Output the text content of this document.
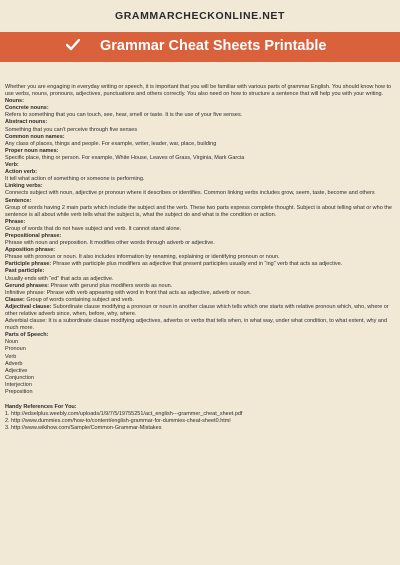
GRAMMARCHECKONLINE.NET
Grammar Cheat Sheets Printable

Whether you are engaging in everyday writing or speech, it is important that you will be familiar with various parts of grammar English. You should know how to use verbs, nouns, pronouns, adjectives, punctuations and others correctly. You also need on how to structure a sentence that will help you with your writing.

Nouns:

Concrete nouns:

Refers to something that you can touch, see, hear, smell or taste. It is the use of your five senses.

Abstract nouns:

Something that you can’t perceive through five senses

Common noun names:

Any class of places, things and people. For example, writer, leader, war, place, building

Proper noun names:

Specific place, thing or person. For example, White House, Leaves of Grass, Virginia, Mark Garcia

Verb:

Action verb:

It tell what action of something or someone is performing.

Linking verbs:

Connects subject with noun, adjective pr pronoun where it describes or identifies. Common linking verbs includes grow, seem, taste, become and others

Sentence:

Group of words having 2 main parts which include the subject and the verb. These two parts express complete thought. Subject is about telling what or who the sentence is all about while verb tells what the subject is, what the subject do and what is the condition or action.

Phrase:

Group of words that do not have subject and verb. It cannot stand alone.

Prepositional phrase:

Phrase with noun and preposition. It modifies other words through adverb or adjective.

Apposition phrase:

Phrase with pronoun or noun. It also includes information by renaming, explaining or identifying pronoun or noun.

Participle phrase: Phrase with participle plus modifiers as adjective that present participles usually end in “ing” verb that acts as adjective.

Past participle:

Usually ends with “ed” that acts as adjective.

Gerund phrases: Phrase with gerund plus modifiers words as noun.

Infinitive phrase: Phrase with verb appearing with word in front that acts as adjective, adverb or noun.

Clause: Group of words containing subject and verb.

Adjectival clause: Subordinate clause modifying a pronoun or noun in another clause which tells which one starts with relative pronoun which, who, where or other relative adverb since, when, before, why, where.

Adverbial clause: It is a subordinate clause modifying adjectives, adverbs or verbs that tells when, in what way, under what condition, to what extent, why and much more.

Parts of Speech:

Noun

Pronoun

Verb

Adverb

Adjective

Conjunction

Interjection

Preposition

Handy References For You:

1. http://edselplus.weebly.com/uploads/1/9/7/5/19755251/act_english---grammer_cheat_sheet.pdf

2. http://www.dummies.com/how-to/content/english-grammar-for-dummies-cheat-sheet0.html

3. http://www.wikihow.com/Sample/Common-Grammar-Mistakes
